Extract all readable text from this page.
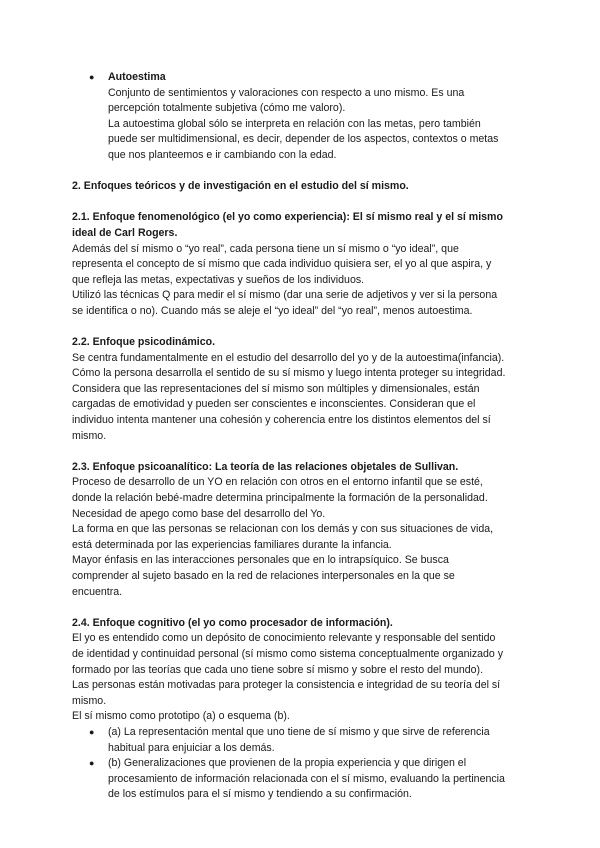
● Autoestima

Conjunto de sentimientos y valoraciones con respecto a uno mismo. Es una

percepción totalmente subjetiva (cómo me valoro).

La autoestima global sólo se interpreta en relación con las metas, pero también

puede ser multidimensional, es decir, depender de los aspectos, contextos o metas

que nos planteemos e ir cambiando con la edad.

2. Enfoques teóricos y de investigación en el estudio del sí mismo.

2.1. Enfoque fenomenológico (el yo como experiencia): El sí mismo real y el sí mismo

ideal de Carl Rogers.

Además del sí mismo o “yo real”, cada persona tiene un sí mismo o “yo ideal”, que

representa el concepto de sí mismo que cada individuo quisiera ser, el yo al que aspira, y

que refleja las metas, expectativas y sueños de los individuos.

Utilizó las técnicas Q para medir el sí mismo (dar una serie de adjetivos y ver si la persona

se identifica o no). Cuando más se aleje el “yo ideal” del “yo real”, menos autoestima.

2.2. Enfoque psicodinámico.

Se centra fundamentalmente en el estudio del desarrollo del yo y de la autoestima(infancia).

Cómo la persona desarrolla el sentido de su sí mismo y luego intenta proteger su integridad.

Considera que las representaciones del sí mismo son múltiples y dimensionales, están

cargadas de emotividad y pueden ser conscientes e inconscientes. Consideran que el

individuo intenta mantener una cohesión y coherencia entre los distintos elementos del sí

mismo.

2.3. Enfoque psicoanalítico: La teoría de las relaciones objetales de Sullivan.

Proceso de desarrollo de un YO en relación con otros en el entorno infantil que se esté,

donde la relación bebé-madre determina principalmente la formación de la personalidad.

Necesidad de apego como base del desarrollo del Yo.

La forma en que las personas se relacionan con los demás y con sus situaciones de vida,

está determinada por las experiencias familiares durante la infancia.

Mayor énfasis en las interacciones personales que en lo intrapsíquico. Se busca

comprender al sujeto basado en la red de relaciones interpersonales en la que se

encuentra.

2.4. Enfoque cognitivo (el yo como procesador de información).

El yo es entendido como un depósito de conocimiento relevante y responsable del sentido

de identidad y continuidad personal (sí mismo como sistema conceptualmente organizado y

formado por las teorías que cada uno tiene sobre sí mismo y sobre el resto del mundo).

Las personas están motivadas para proteger la consistencia e integridad de su teoría del sí

mismo.

El sí mismo como prototipo (a) o esquema (b).

● (a) La representación mental que uno tiene de sí mismo y que sirve de referencia

habitual para enjuiciar a los demás.

● (b) Generalizaciones que provienen de la propia experiencia y que dirigen el

procesamiento de información relacionada con el sí mismo, evaluando la pertinencia

de los estímulos para el sí mismo y tendiendo a su confirmación.
